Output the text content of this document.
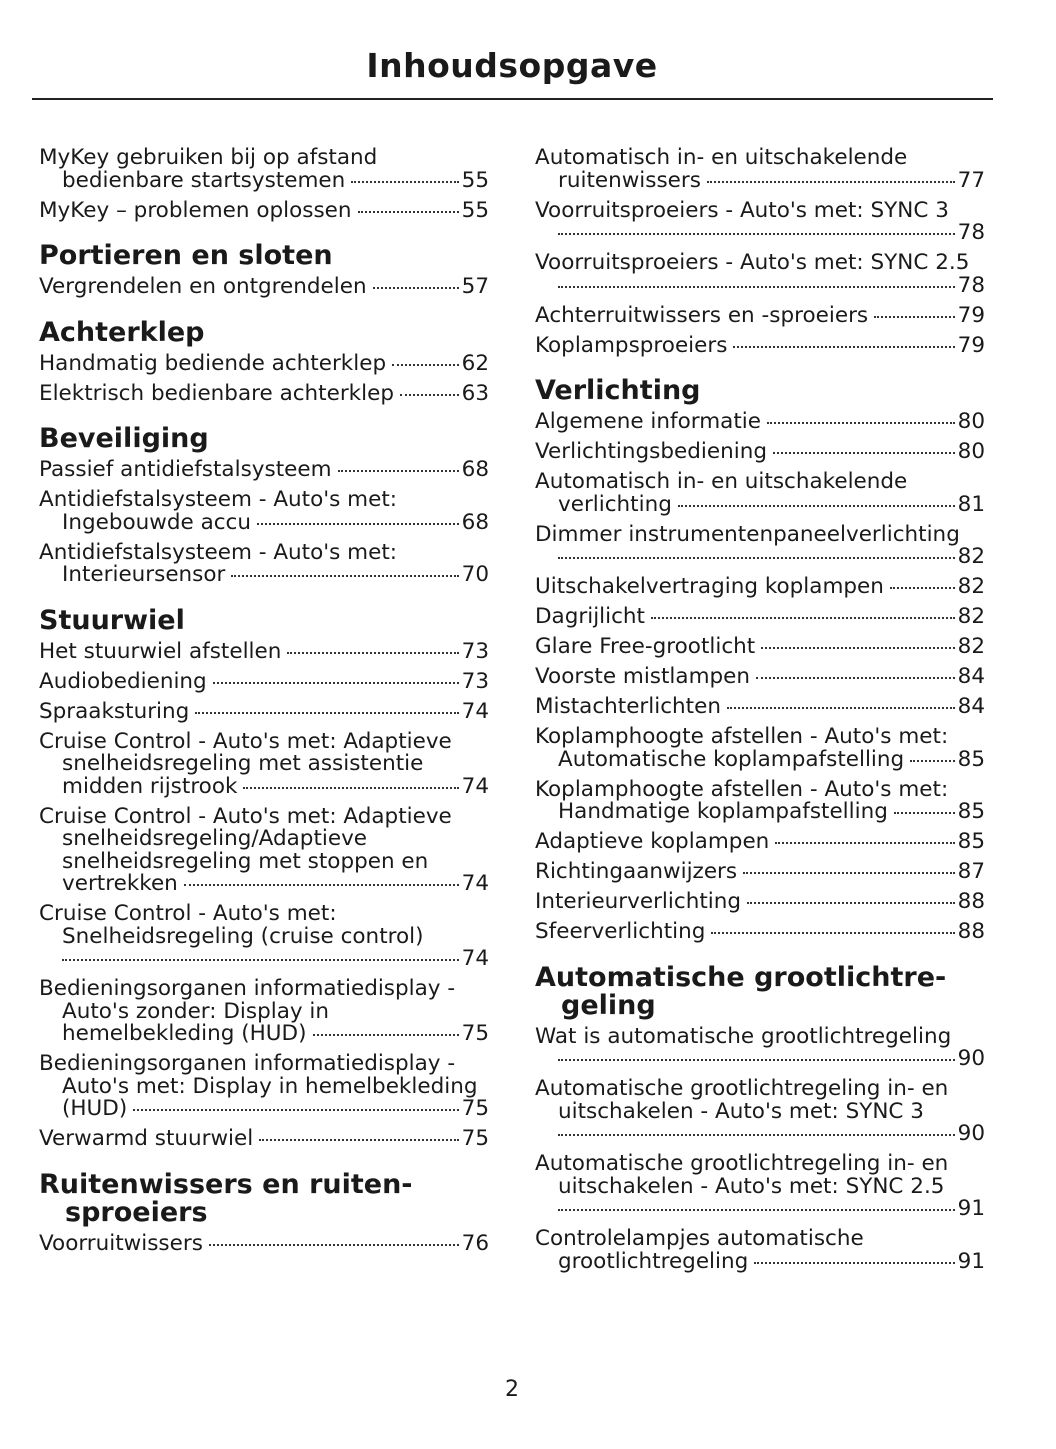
Inhoudsopgave
MyKey gebruiken bij op afstand
bedienbare startsystemen	55
MyKey – problemen oplossen	55
Portieren en sloten
Vergrendelen en ontgrendelen	57
Achterklep
Handmatig bediende achterklep	62
Elektrisch bedienbare achterklep	63
Beveiliging
Passief antidiefstalsysteem	68
Antidiefstalsysteem - Auto's met:
Ingebouwde accu	68
Antidiefstalsysteem - Auto's met:
Interieursensor	70
Stuurwiel
Het stuurwiel afstellen	73
Audiobediening	73
Spraaksturing	74
Cruise Control - Auto's met: Adaptieve
snelheidsregeling met assistentie
midden rijstrook	74
Cruise Control - Auto's met: Adaptieve
snelheidsregeling/Adaptieve
snelheidsregeling met stoppen en
vertrekken	74
Cruise Control - Auto's met:
Snelheidsregeling (cruise control)
74
Bedieningsorganen informatiedisplay -
Auto's zonder: Display in
hemelbekleding (HUD)	75
Bedieningsorganen informatiedisplay -
Auto's met: Display in hemelbekleding
(HUD)	75
Verwarmd stuurwiel	75
Ruitenwissers en ruiten-sproeiers
Voorruitwissers	76
Automatisch in- en uitschakelende
ruitenwissers	77
Voorruitsproeiers - Auto's met: SYNC 3
78
Voorruitsproeiers - Auto's met: SYNC 2.5
78
Achterruitwissers en -sproeiers	79
Koplampsproeiers	79
Verlichting
Algemene informatie	80
Verlichtingsbediening	80
Automatisch in- en uitschakelende
verlichting	81
Dimmer instrumentenpaneelverlichting
82
Uitschakelvertraging koplampen	82
Dagrijlicht	82
Glare Free-grootlicht	82
Voorste mistlampen	84
Mistachterlichten	84
Koplamphoogte afstellen - Auto's met:
Automatische koplampafstelling 85
Koplamphoogte afstellen - Auto's met:
Handmatige koplampafstelling	85
Adaptieve koplampen	85
Richtingaanwijzers	87
Interieurverlichting	88
Sfeerverlichting	88
Automatische grootlichtre-geling
Wat is automatische grootlichtregeling
90
Automatische grootlichtregeling in- en
uitschakelen - Auto's met: SYNC 3
90
Automatische grootlichtregeling in- en
uitschakelen - Auto's met: SYNC 2.5
91
Controlelampjes automatische
grootlichtregeling	91
2
